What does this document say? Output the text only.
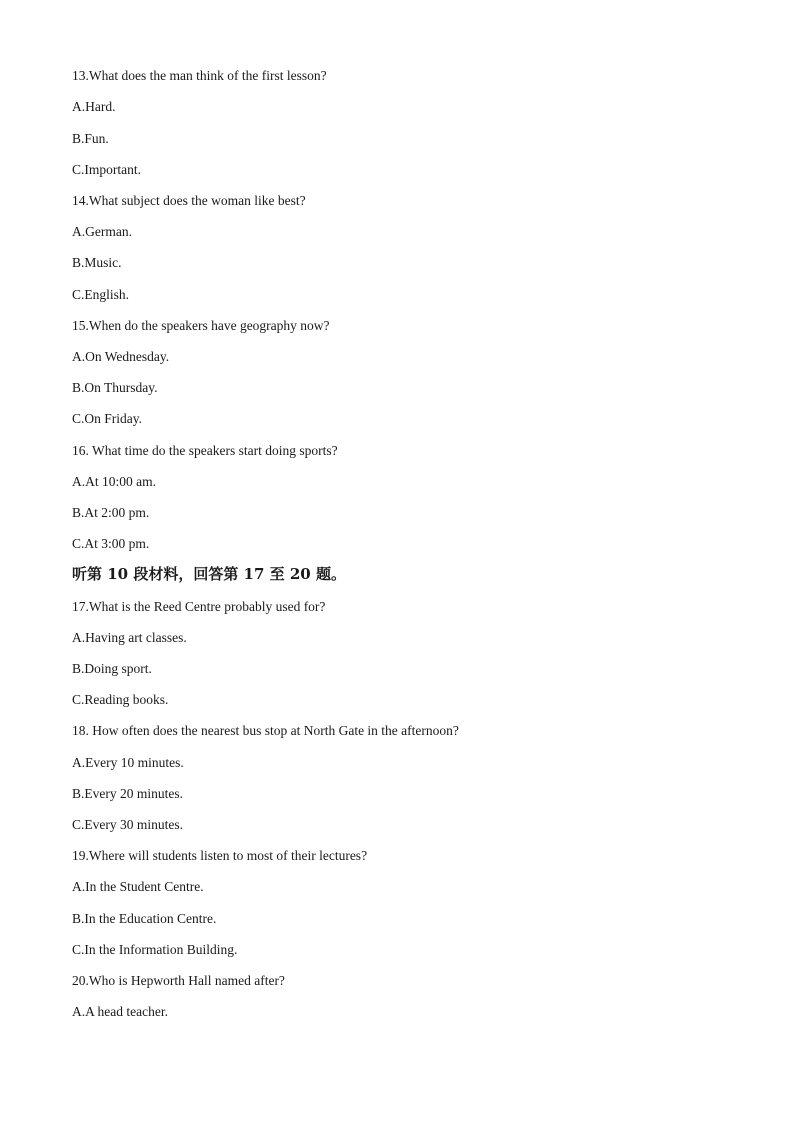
13.What does the man think of the first lesson?
A.Hard.
B.Fun.
C.Important.
14.What subject does the woman like best?
A.German.
B.Music.
C.English.
15.When do the speakers have geography now?
A.On Wednesday.
B.On Thursday.
C.On Friday.
16. What time do the speakers start doing sports?
A.At 10:00 am.
B.At 2:00 pm.
C.At 3:00 pm.
听第 10 段材料，回答第 17 至 20 题。
17.What is the Reed Centre probably used for?
A.Having art classes.
B.Doing sport.
C.Reading books.
18. How often does the nearest bus stop at North Gate in the afternoon?
A.Every 10 minutes.
B.Every 20 minutes.
C.Every 30 minutes.
19.Where will students listen to most of their lectures?
A.In the Student Centre.
B.In the Education Centre.
C.In the Information Building.
20.Who is Hepworth Hall named after?
A.A head teacher.
